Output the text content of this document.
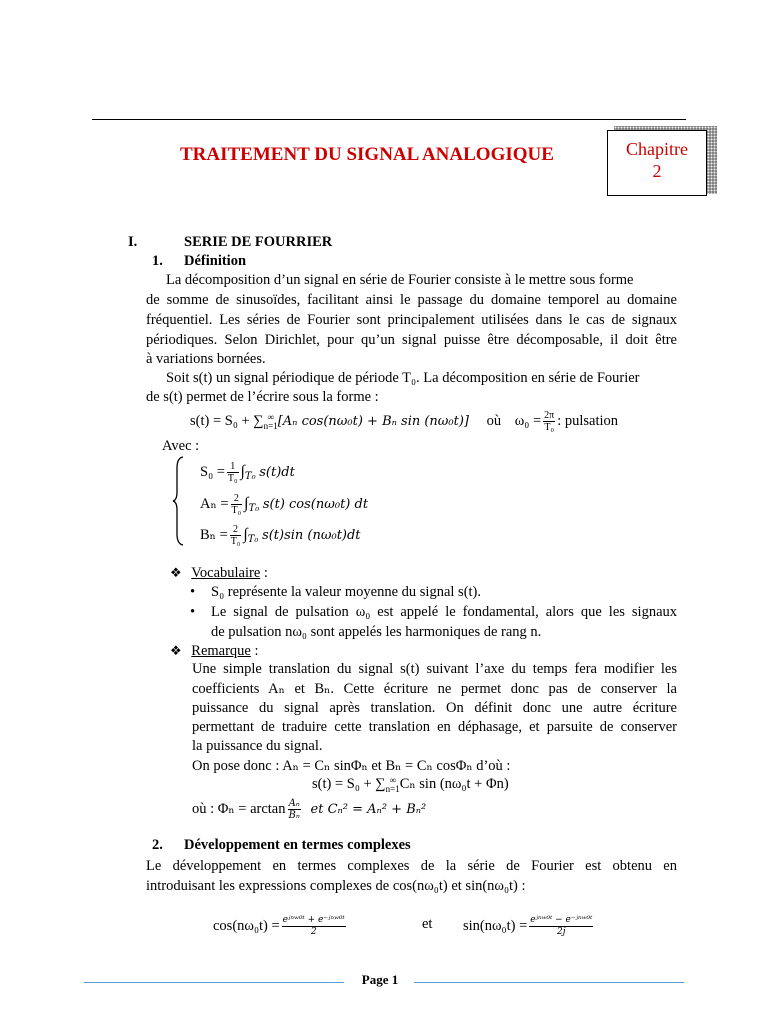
TRAITEMENT DU SIGNAL ANALOGIQUE	Chapitre
2
I.	SERIE DE FOURRIER
1. Définition
La décomposition d’un signal en série de Fourier consiste à le mettre sous forme
de somme de sinusoïdes, facilitant ainsi le passage du domaine temporel au domaine
fréquentiel. Les séries de Fourier sont principalement utilisées dans le cas de signaux
périodiques. Selon Dirichlet, pour qu’un signal puisse être décomposable, il doit être
à variations bornées.
Soit s(t) un signal périodique de période T₀. La décomposition en série de Fourier
de s(t) permet de l’écrire sous la forme :
s(t) = S₀ + ∑ ∞
n=1 [Aₙ cos(nω₀t) + Bₙ sin (nω₀t)] où $\omega_0 = \frac{2\pi}{\text{T₀}}$ : pulsation
Avec :
$S_0 = \frac{1}{\text{T₀}} \int_{T_0}$ s(t)dt
$A_n = \frac{2}{\text{T₀}} \int_{T_0}$ s(t) cos(nω₀t) dt
$B_n = \frac{2}{\text{T₀}} \int_{T_0}$ s(t)sin (nω₀t)dt
❖ Vocabulaire :
• S₀ représente la valeur moyenne du signal s(t).
• Le signal de pulsation ω₀ est appelé le fondamental, alors que les signaux
de pulsation nω₀ sont appelés les harmoniques de rang n.
❖ Remarque :
Une simple translation du signal s(t) suivant l’axe du temps fera modifier les
coefficients Aₙ et Bₙ. Cette écriture ne permet donc pas de conserver la
puissance du signal après translation. On définit donc une autre écriture
permettant de traduire cette translation en déphasage, et parsuite de conserver
la puissance du signal.
On pose donc : Aₙ = Cₙ sinΦₙ et Bₙ = Cₙ cosΦₙ d’où :
s(t) = S₀ + ∑ ∞
n=1 Cₙ sin (nω₀t + Φn)
où : $\Phi_n = \arctan \frac{\text{Aₙ}}{\text{Bₙ}}$ et Cₙ² = Aₙ² + Bₙ²
2. Développement en termes complexes
Le développement en termes complexes de la série de Fourier est obtenu en
introduisant les expressions complexes de cos(nω₀t) et sin(nω₀t) :
$\cos(n\omega_0t) = \frac{\text{eʲⁿʷ⁰ᵗ + e⁻ʲⁿʷ⁰ᵗ}}{2}$	et $\sin(n\omega_0t) = \frac{\text{eʲⁿʷ⁰ᵗ − e⁻ʲⁿʷ⁰ᵗ}}{2j}$
Page 1
